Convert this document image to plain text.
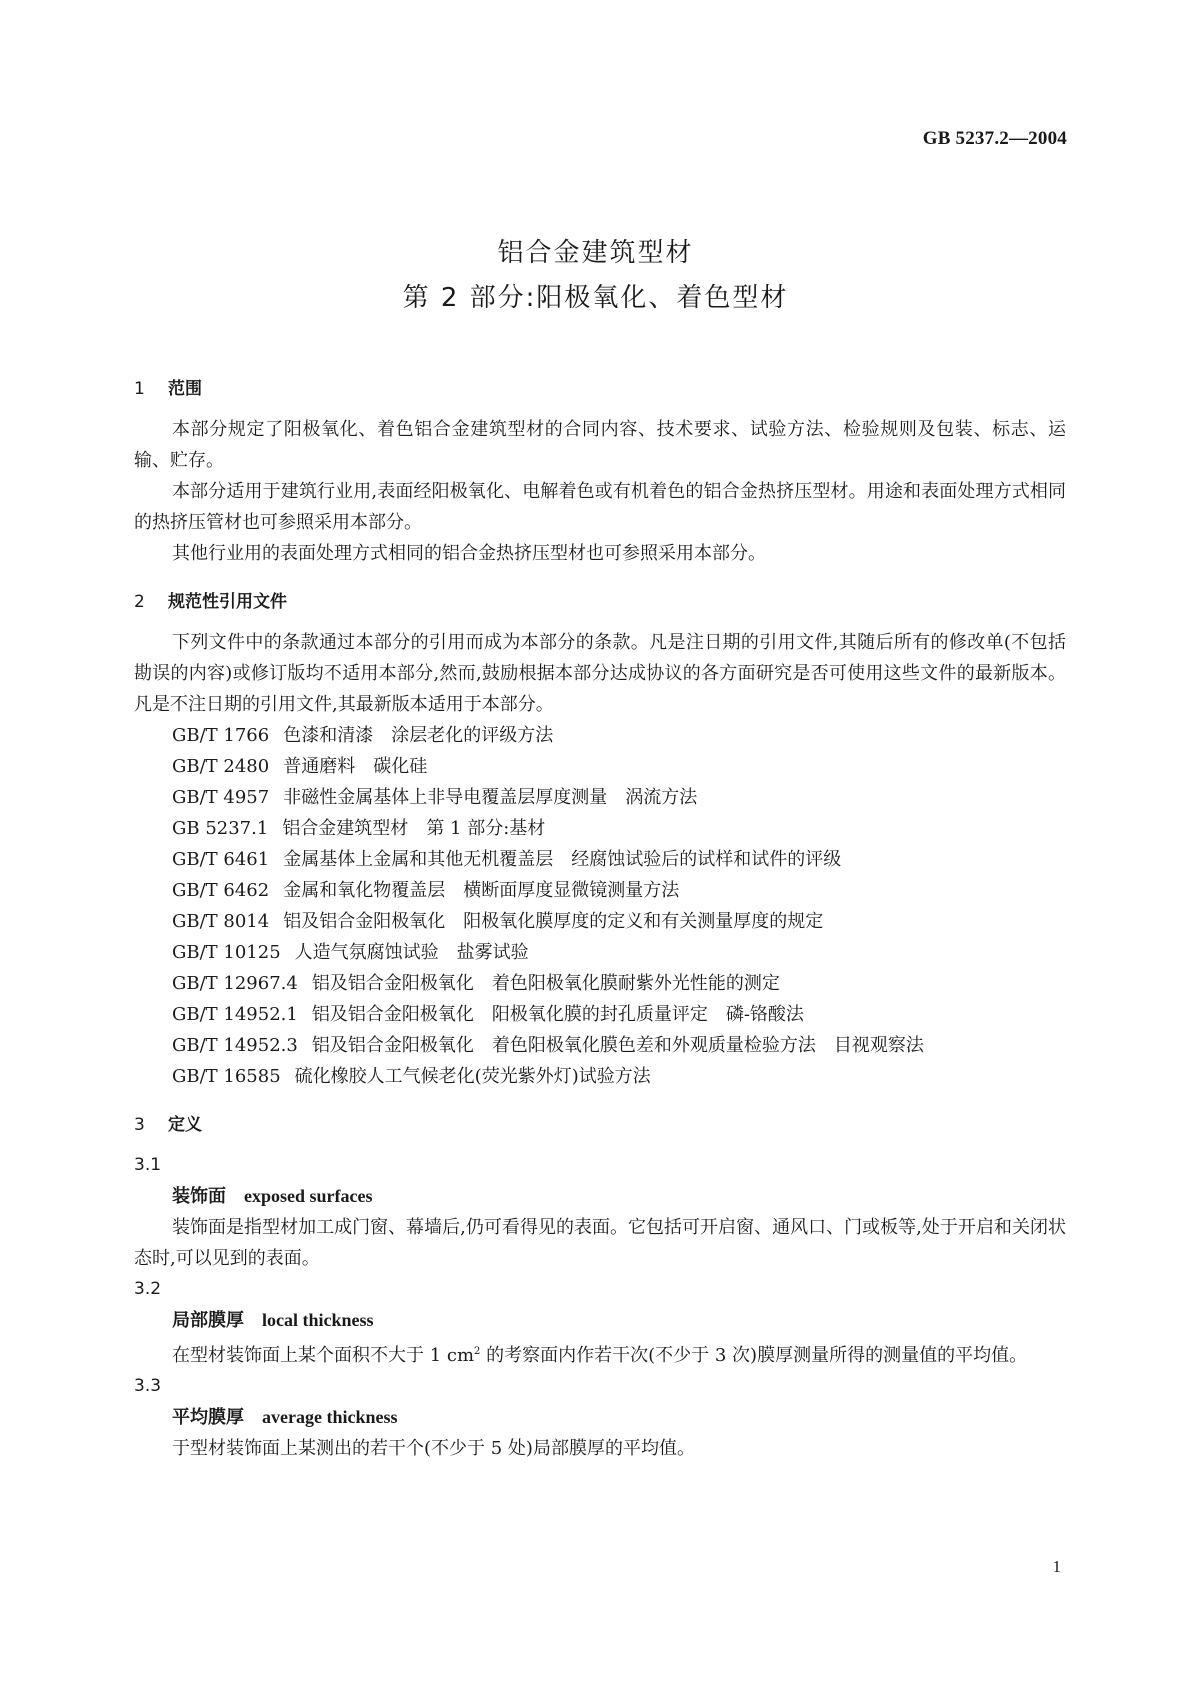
GB 5237.2—2004
铝合金建筑型材
第 2 部分:阳极氧化、着色型材
1 范围

本部分规定了阳极氧化、着色铝合金建筑型材的合同内容、技术要求、试验方法、检验规则及包装、标志、运输、贮存。

本部分适用于建筑行业用,表面经阳极氧化、电解着色或有机着色的铝合金热挤压型材。用途和表面处理方式相同的热挤压管材也可参照采用本部分。

其他行业用的表面处理方式相同的铝合金热挤压型材也可参照采用本部分。

2 规范性引用文件

下列文件中的条款通过本部分的引用而成为本部分的条款。凡是注日期的引用文件,其随后所有的修改单(不包括勘误的内容)或修订版均不适用本部分,然而,鼓励根据本部分达成协议的各方面研究是否可使用这些文件的最新版本。凡是不注日期的引用文件,其最新版本适用于本部分。

GB/T 1766 色漆和清漆 涂层老化的评级方法

GB/T 2480 普通磨料 碳化硅

GB/T 4957 非磁性金属基体上非导电覆盖层厚度测量 涡流方法

GB 5237.1 铝合金建筑型材 第 1 部分:基材

GB/T 6461 金属基体上金属和其他无机覆盖层 经腐蚀试验后的试样和试件的评级

GB/T 6462 金属和氧化物覆盖层 横断面厚度显微镜测量方法

GB/T 8014 铝及铝合金阳极氧化 阳极氧化膜厚度的定义和有关测量厚度的规定

GB/T 10125 人造气氛腐蚀试验 盐雾试验

GB/T 12967.4 铝及铝合金阳极氧化 着色阳极氧化膜耐紫外光性能的测定

GB/T 14952.1 铝及铝合金阳极氧化 阳极氧化膜的封孔质量评定 磷-铬酸法

GB/T 14952.3 铝及铝合金阳极氧化 着色阳极氧化膜色差和外观质量检验方法 目视观察法

GB/T 16585 硫化橡胶人工气候老化(荧光紫外灯)试验方法

3 定义

3.1

装饰面 exposed surfaces

装饰面是指型材加工成门窗、幕墙后,仍可看得见的表面。它包括可开启窗、通风口、门或板等,处于开启和关闭状态时,可以见到的表面。

3.2

局部膜厚 local thickness

在型材装饰面上某个面积不大于 1 $cm^2$ 的考察面内作若干次(不少于 3 次)膜厚测量所得的测量值的平均值。

3.3

平均膜厚 average thickness

于型材装饰面上某测出的若干个(不少于 5 处)局部膜厚的平均值。

1
